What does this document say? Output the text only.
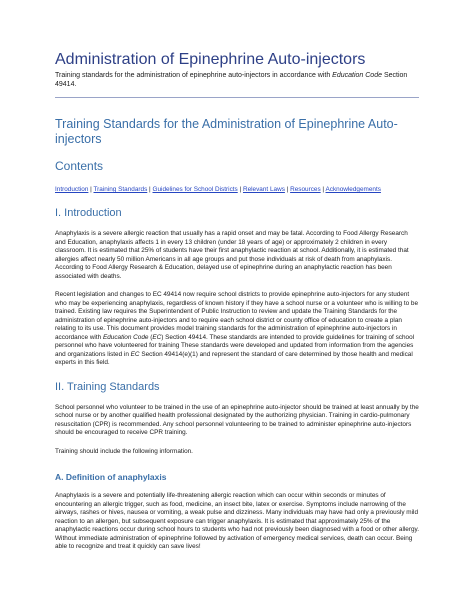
Administration of Epinephrine Auto-injectors

Training standards for the administration of epinephrine auto-injectors in accordance with Education Code Section 49414.

Training Standards for the Administration of Epinephrine Auto-injectors
Contents
Introduction | Training Standards | Guidelines for School Districts | Relevant Laws | Resources | Acknowledgements
I. Introduction

Anaphylaxis is a severe allergic reaction that usually has a rapid onset and may be fatal. According to Food Allergy Research and Education, anaphylaxis affects 1 in every 13 children (under 18 years of age) or approximately 2 children in every classroom. It is estimated that 25% of students have their first anaphylactic reaction at school. Additionally, it is estimated that allergies affect nearly 50 million Americans in all age groups and put those individuals at risk of death from anaphylaxis. According to Food Allergy Research & Education, delayed use of epinephrine during an anaphylactic reaction has been associated with deaths.

Recent legislation and changes to EC 49414 now require school districts to provide epinephrine auto-injectors for any student who may be experiencing anaphylaxis, regardless of known history if they have a school nurse or a volunteer who is willing to be trained. Existing law requires the Superintendent of Public Instruction to review and update the Training Standards for the administration of epinephrine auto-injectors and to require each school district or county office of education to create a plan relating to its use. This document provides model training standards for the administration of epinephrine auto-injectors in accordance with Education Code (EC) Section 49414. These standards are intended to provide guidelines for training of school personnel who have volunteered for training These standards were developed and updated from information from the agencies and organizations listed in EC Section 49414(e)(1) and represent the standard of care determined by those health and medical experts in this field.

II. Training Standards

School personnel who volunteer to be trained in the use of an epinephrine auto-injector should be trained at least annually by the school nurse or by another qualified health professional designated by the authorizing physician. Training in cardio-pulmonary resuscitation (CPR) is recommended. Any school personnel volunteering to be trained to administer epinephrine auto-injectors should be encouraged to receive CPR training.

Training should include the following information.

A. Definition of anaphylaxis

Anaphylaxis is a severe and potentially life-threatening allergic reaction which can occur within seconds or minutes of encountering an allergic trigger, such as food, medicine, an insect bite, latex or exercise. Symptoms include narrowing of the airways, rashes or hives, nausea or vomiting, a weak pulse and dizziness. Many individuals may have had only a previously mild reaction to an allergen, but subsequent exposure can trigger anaphylaxis. It is estimated that approximately 25% of the anaphylactic reactions occur during school hours to students who had not previously been diagnosed with a food or other allergy. Without immediate administration of epinephrine followed by activation of emergency medical services, death can occur. Being able to recognize and treat it quickly can save lives!
